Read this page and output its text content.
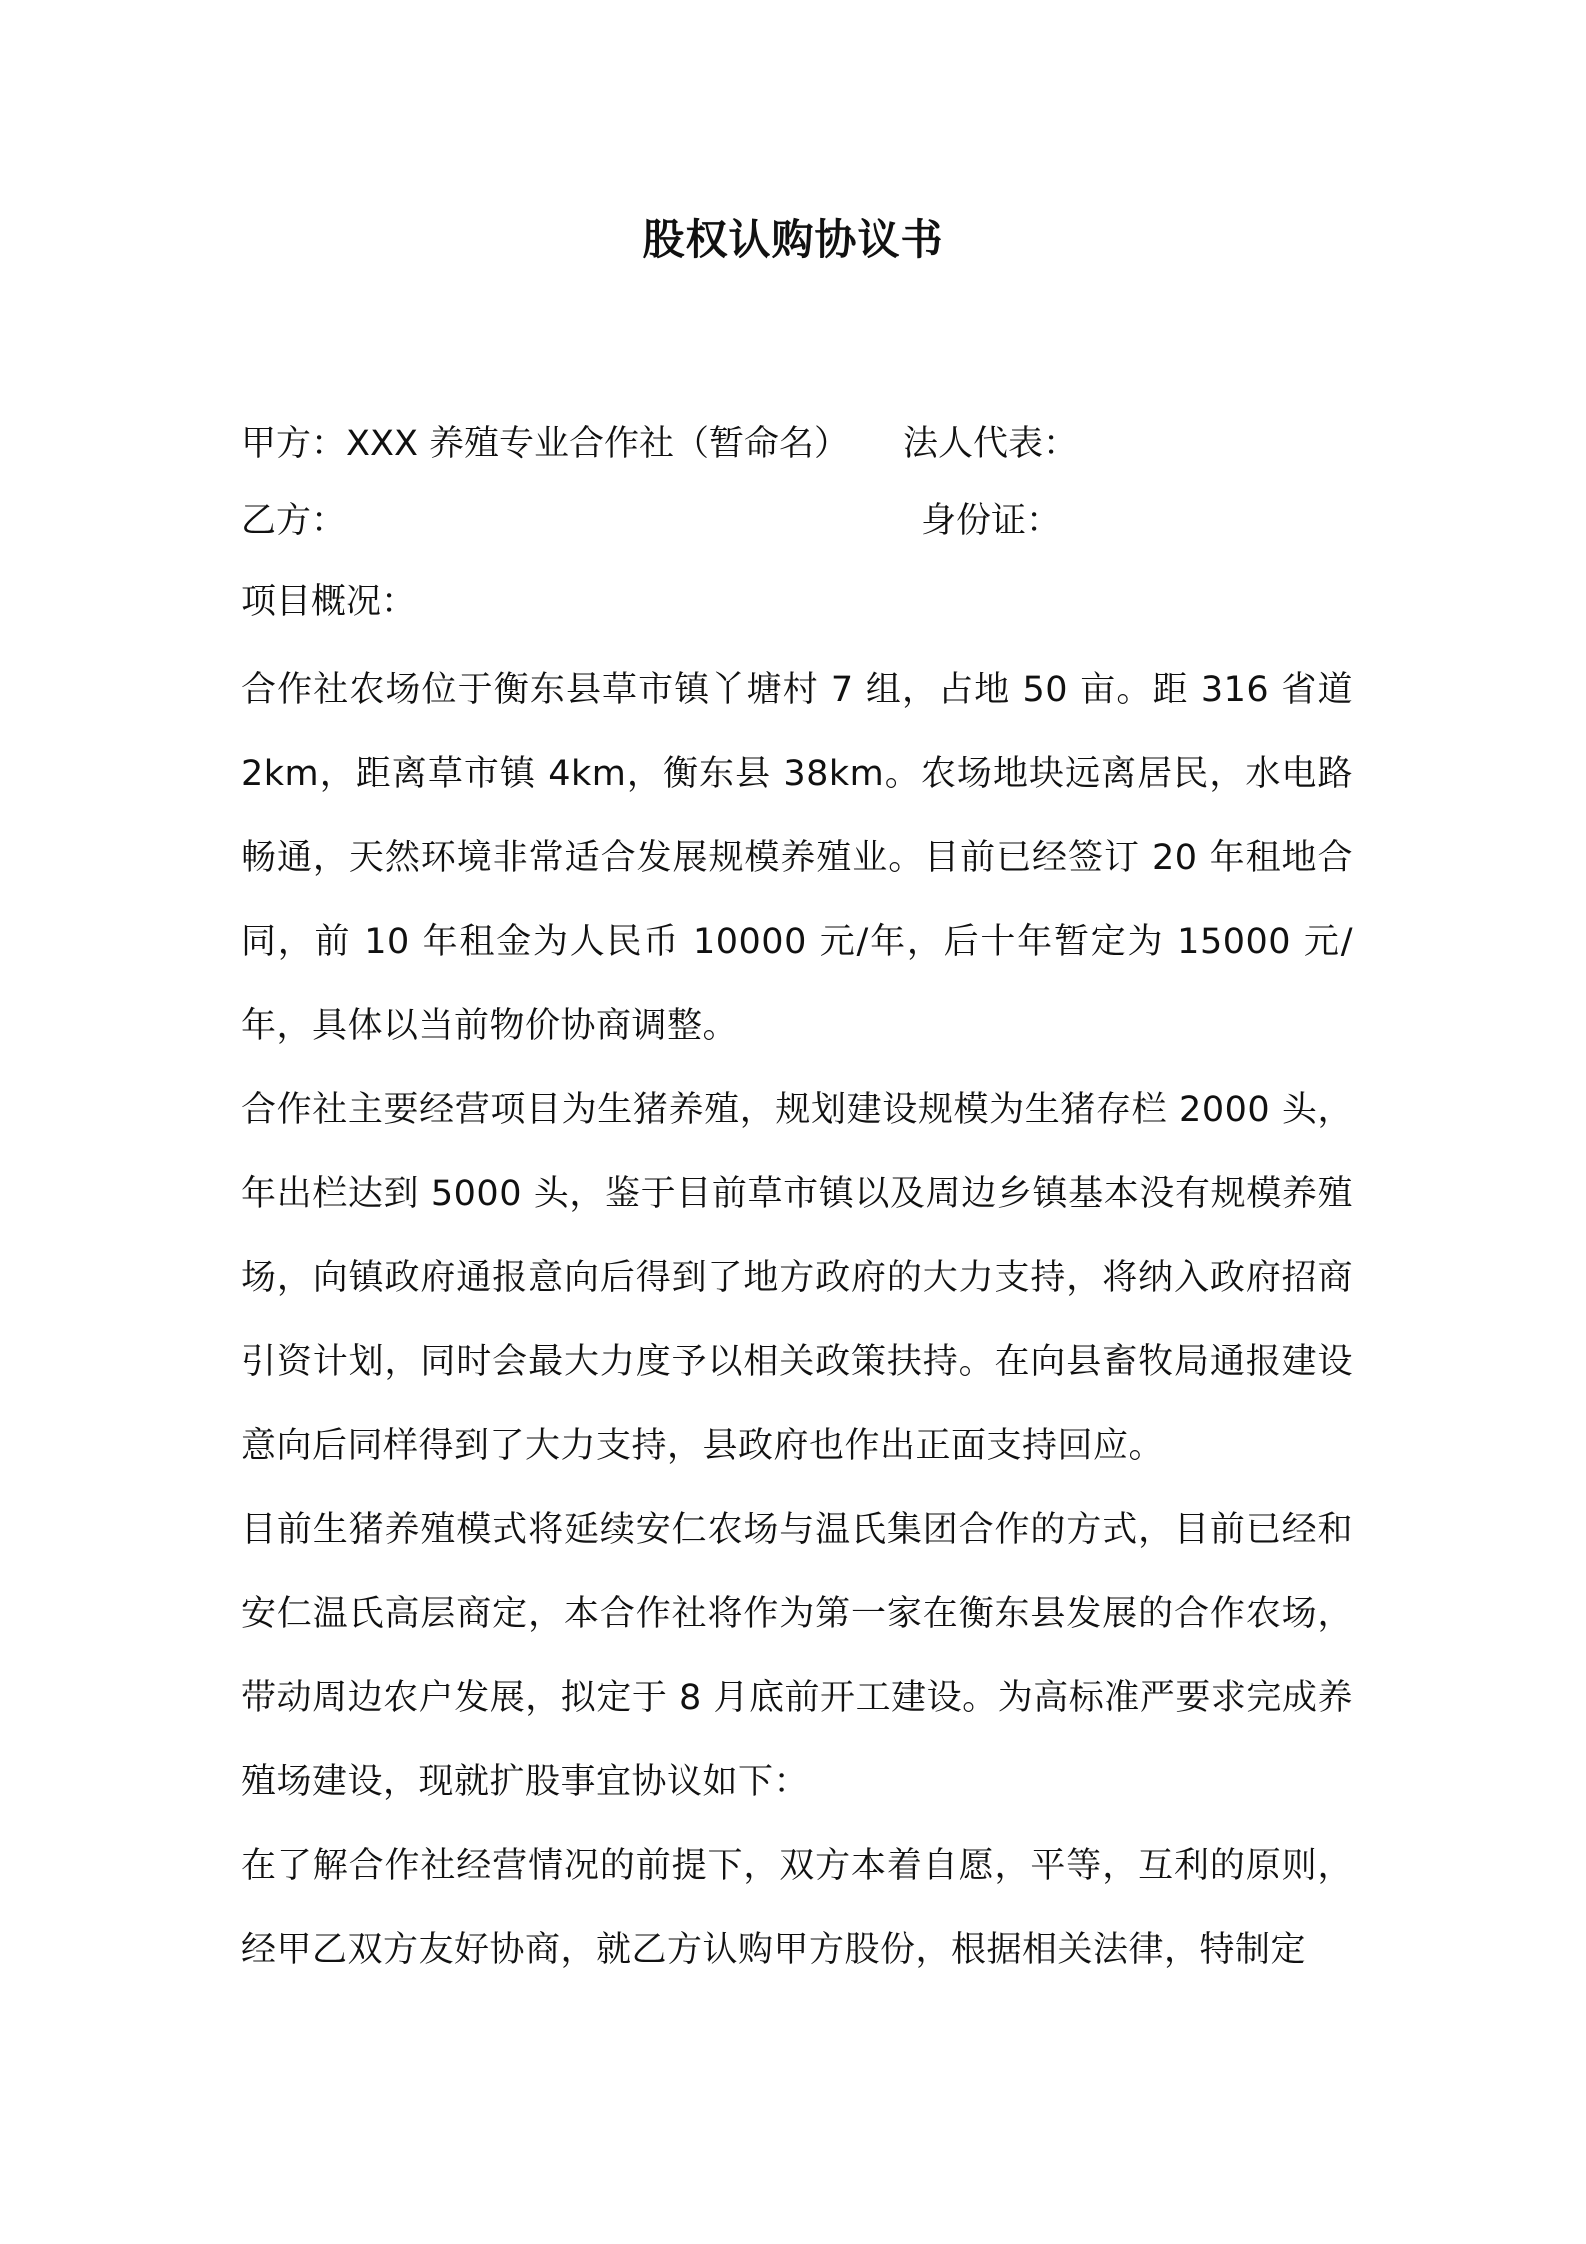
股权认购协议书
甲方：XXX 养殖专业合作社（暂命名） 法人代表：
乙方：	身份证：
项目概况：

合作社农场位于衡东县草市镇丫塘村 7 组，占地 50 亩。距 316 省道 2km，距离草市镇 4km，衡东县 38km。农场地块远离居民，水电路畅通，天然环境非常适合发展规模养殖业。目前已经签订 20 年租地合同，前 10 年租金为人民币 10000 元/年，后十年暂定为 15000 元/年，具体以当前物价协商调整。

合作社主要经营项目为生猪养殖，规划建设规模为生猪存栏 2000 头，年出栏达到 5000 头，鉴于目前草市镇以及周边乡镇基本没有规模养殖场，向镇政府通报意向后得到了地方政府的大力支持，将纳入政府招商引资计划，同时会最大力度予以相关政策扶持。在向县畜牧局通报建设意向后同样得到了大力支持，县政府也作出正面支持回应。

目前生猪养殖模式将延续安仁农场与温氏集团合作的方式，目前已经和安仁温氏高层商定，本合作社将作为第一家在衡东县发展的合作农场，带动周边农户发展，拟定于 8 月底前开工建设。为高标准严要求完成养殖场建设，现就扩股事宜协议如下：

在了解合作社经营情况的前提下，双方本着自愿，平等，互利的原则，经甲乙双方友好协商，就乙方认购甲方股份，根据相关法律，特制定
